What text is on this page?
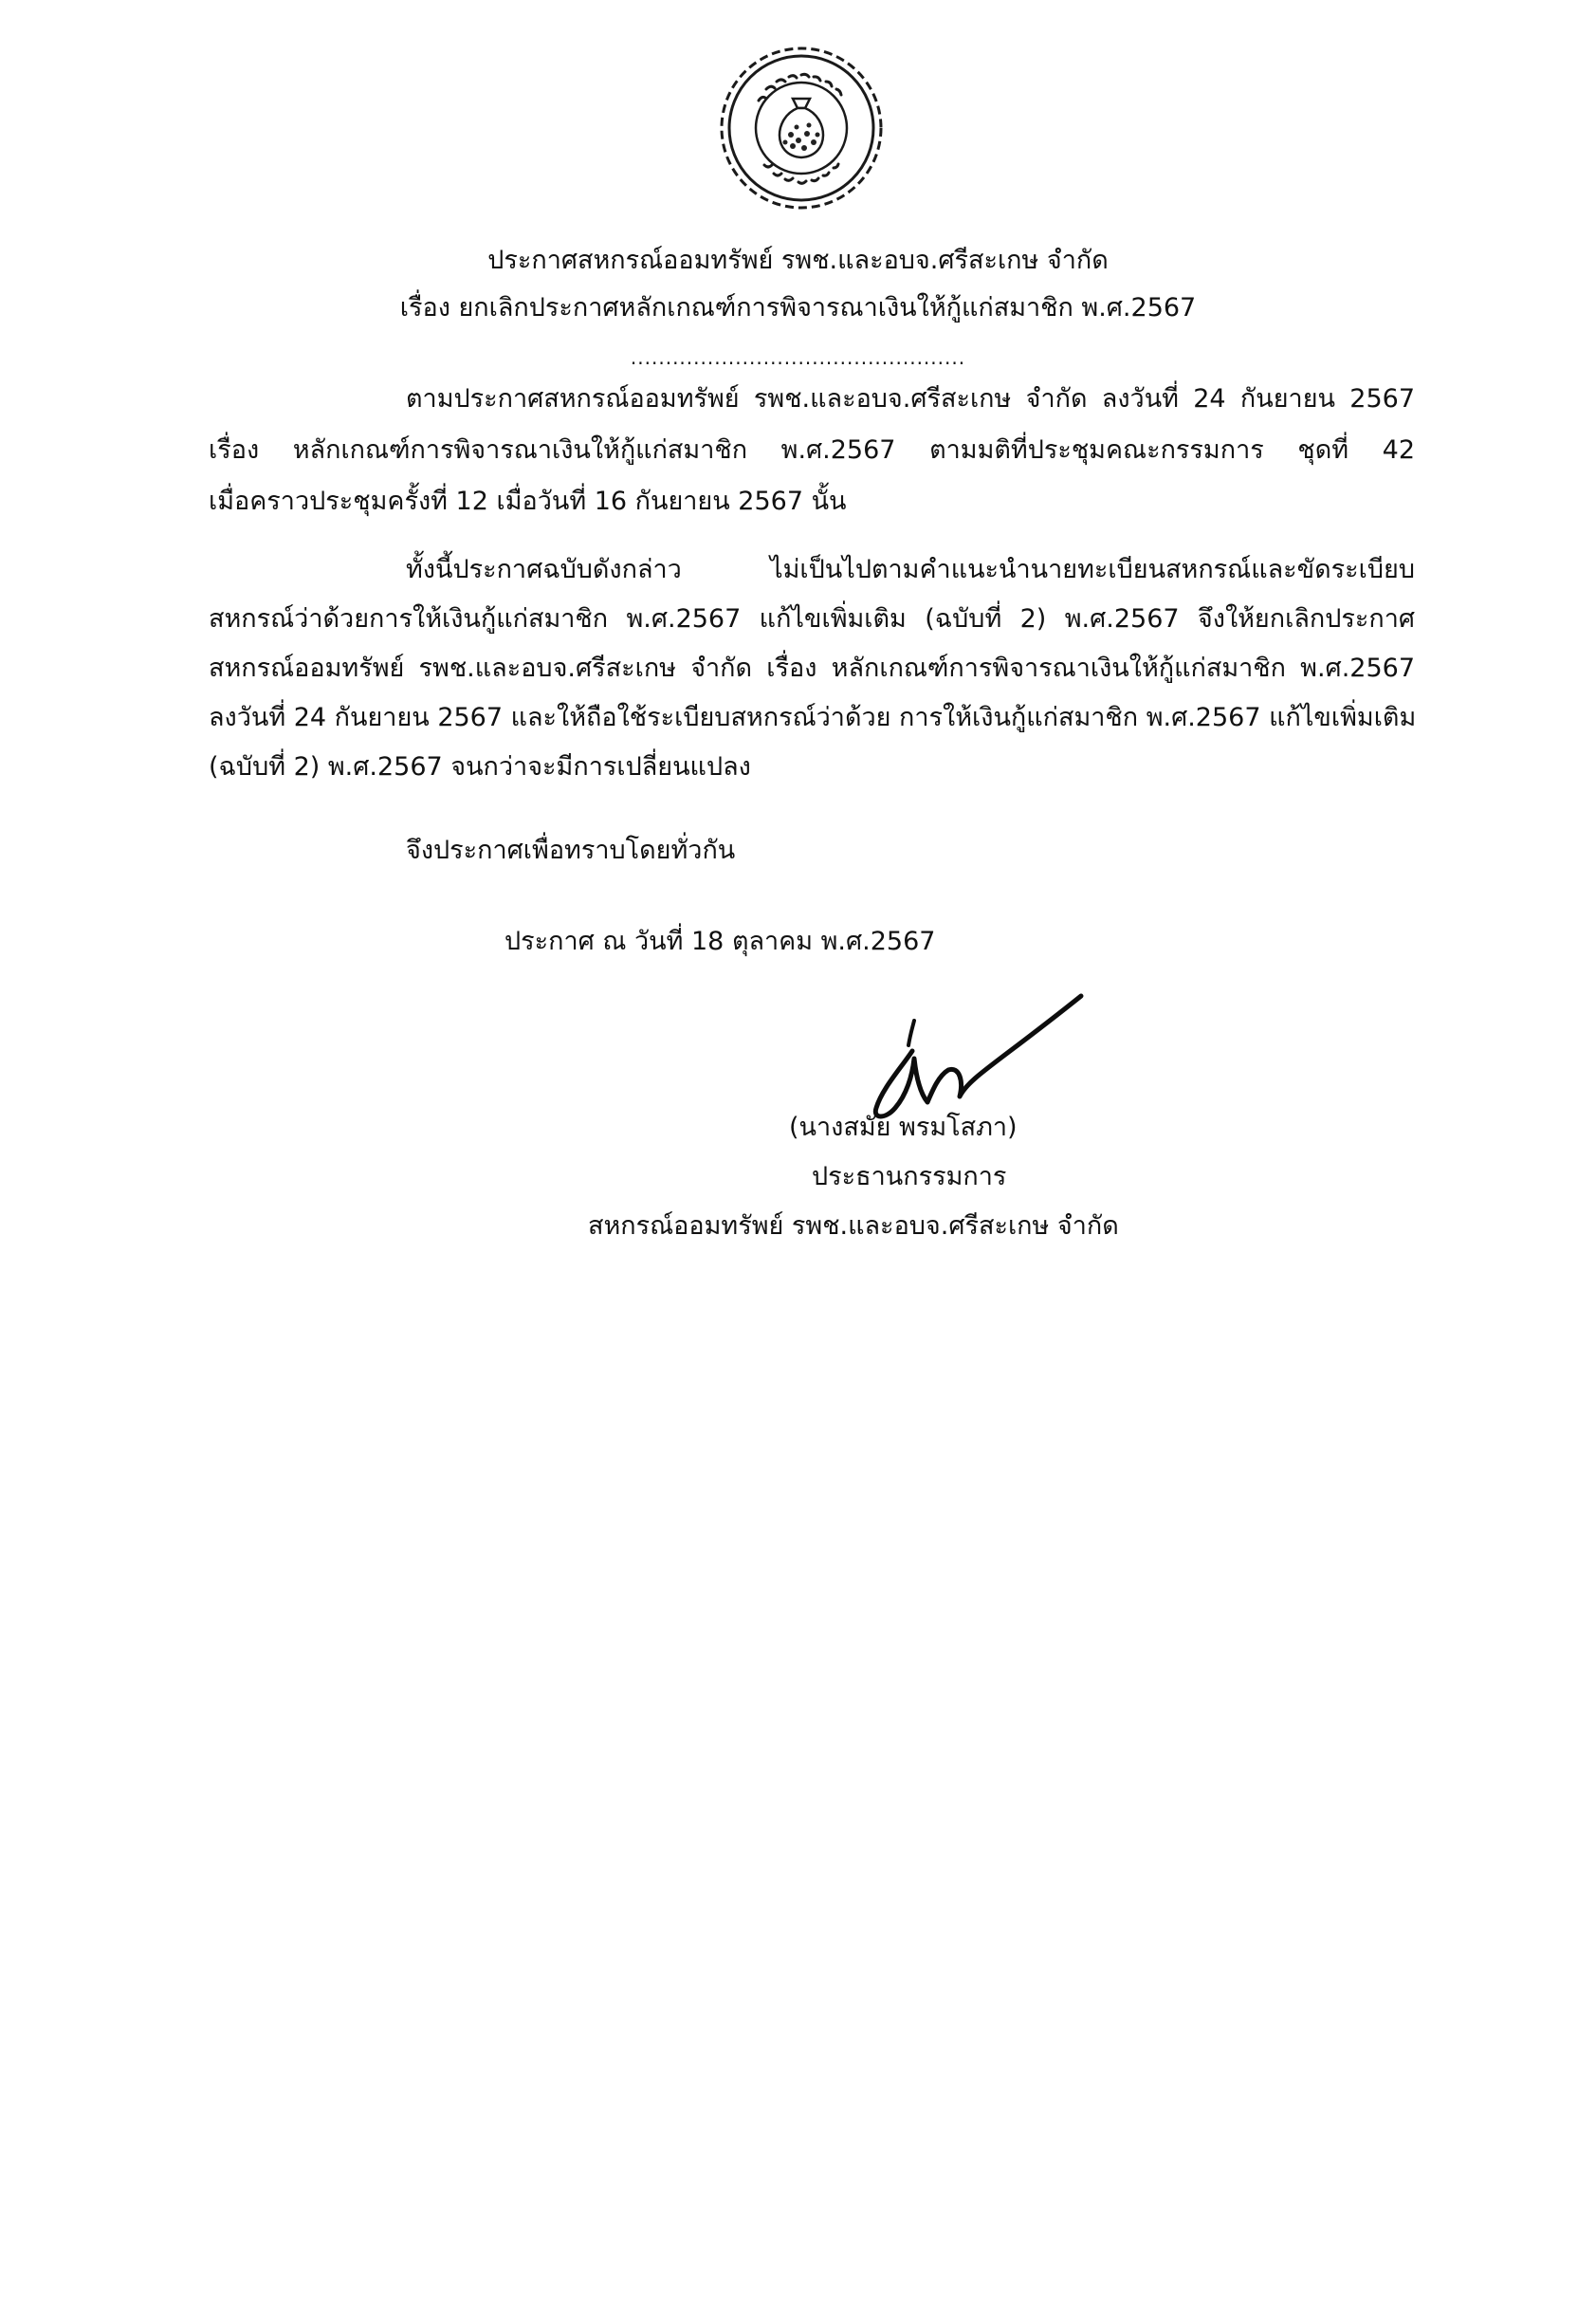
ประกาศสหกรณ์ออมทรัพย์ รพช.และอบจ.ศรีสะเกษ จำกัด
เรื่อง ยกเลิกประกาศหลักเกณฑ์การพิจารณาเงินให้กู้แก่สมาชิก พ.ศ.2567
................................................
ตามประกาศสหกรณ์ออมทรัพย์ รพช.และอบจ.ศรีสะเกษ จำกัด ลงวันที่ 24 กันยายน 2567
เรื่อง หลักเกณฑ์การพิจารณาเงินให้กู้แก่สมาชิก พ.ศ.2567 ตามมติที่ประชุมคณะกรรมการ ชุดที่ 42
เมื่อคราวประชุมครั้งที่ 12 เมื่อวันที่ 16 กันยายน 2567 นั้น
ทั้งนี้ประกาศฉบับดังกล่าว ไม่เป็นไปตามคำแนะนำนายทะเบียนสหกรณ์และขัดระเบียบ
สหกรณ์ว่าด้วยการให้เงินกู้แก่สมาชิก พ.ศ.2567 แก้ไขเพิ่มเติม (ฉบับที่ 2) พ.ศ.2567 จึงให้ยกเลิกประกาศ
สหกรณ์ออมทรัพย์ รพช.และอบจ.ศรีสะเกษ จำกัด เรื่อง หลักเกณฑ์การพิจารณาเงินให้กู้แก่สมาชิก พ.ศ.2567
ลงวันที่ 24 กันยายน 2567 และให้ถือใช้ระเบียบสหกรณ์ว่าด้วย การให้เงินกู้แก่สมาชิก พ.ศ.2567 แก้ไขเพิ่มเติม
(ฉบับที่ 2) พ.ศ.2567 จนกว่าจะมีการเปลี่ยนแปลง
จึงประกาศเพื่อทราบโดยทั่วกัน
ประกาศ ณ วันที่ 18 ตุลาคม พ.ศ.2567
(นางสมัย พรมโสภา)
ประธานกรรมการ
สหกรณ์ออมทรัพย์ รพช.และอบจ.ศรีสะเกษ จำกัด
